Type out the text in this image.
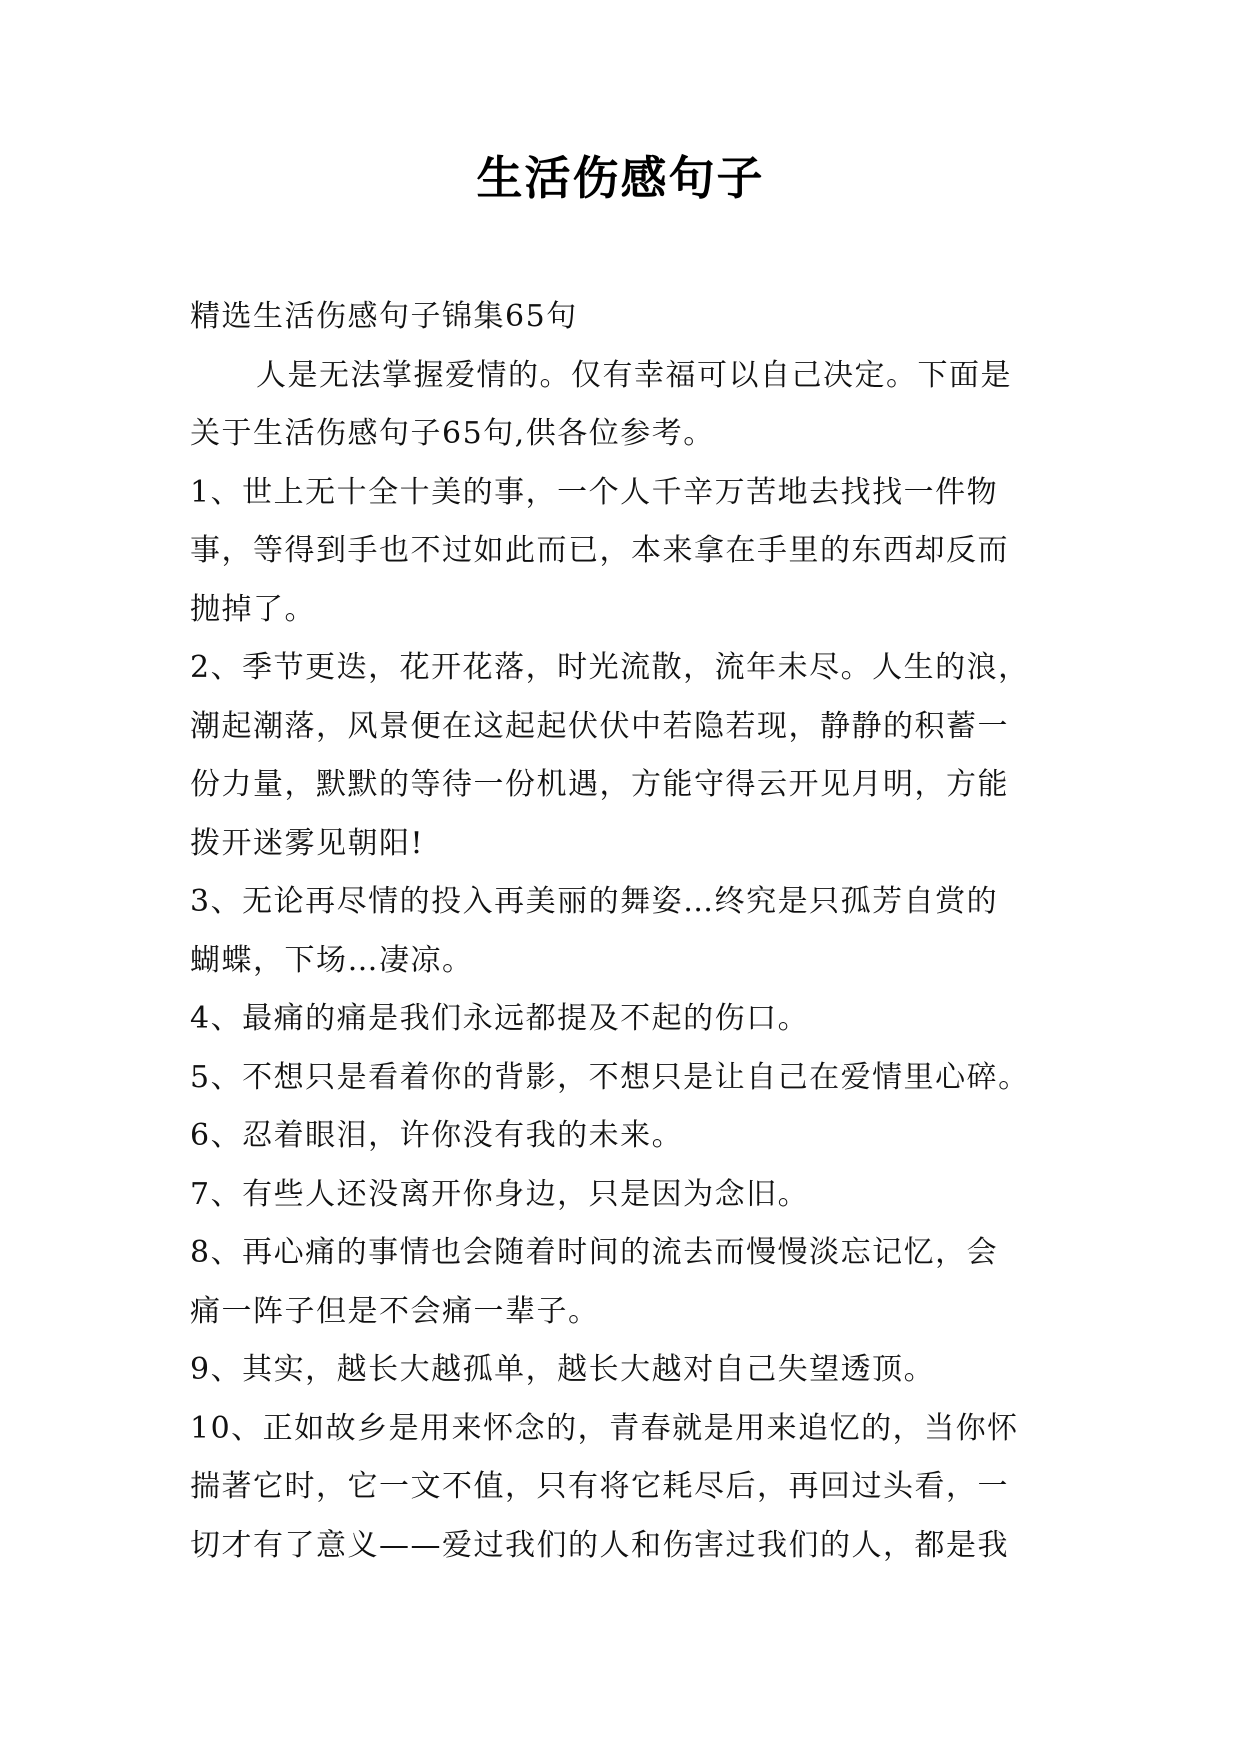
生活伤感句子
精选生活伤感句子锦集65句
人是无法掌握爱情的。仅有幸福可以自己决定。下面是
关于生活伤感句子65句,供各位参考。
1、世上无十全十美的事，一个人千辛万苦地去找找一件物
事，等得到手也不过如此而已，本来拿在手里的东西却反而
抛掉了。
2、季节更迭，花开花落，时光流散，流年未尽。人生的浪，
潮起潮落，风景便在这起起伏伏中若隐若现，静静的积蓄一
份力量，默默的等待一份机遇，方能守得云开见月明，方能
拨开迷雾见朝阳!
3、无论再尽情的投入再美丽的舞姿…终究是只孤芳自赏的
蝴蝶，下场…凄凉。
4、最痛的痛是我们永远都提及不起的伤口。
5、不想只是看着你的背影，不想只是让自己在爱情里心碎。
6、忍着眼泪，许你没有我的未来。
7、有些人还没离开你身边，只是因为念旧。
8、再心痛的事情也会随着时间的流去而慢慢淡忘记忆，会
痛一阵子但是不会痛一辈子。
9、其实，越长大越孤单，越长大越对自己失望透顶。
10、正如故乡是用来怀念的，青春就是用来追忆的，当你怀
揣著它时，它一文不值，只有将它耗尽后，再回过头看，一
切才有了意义——爱过我们的人和伤害过我们的人，都是我
